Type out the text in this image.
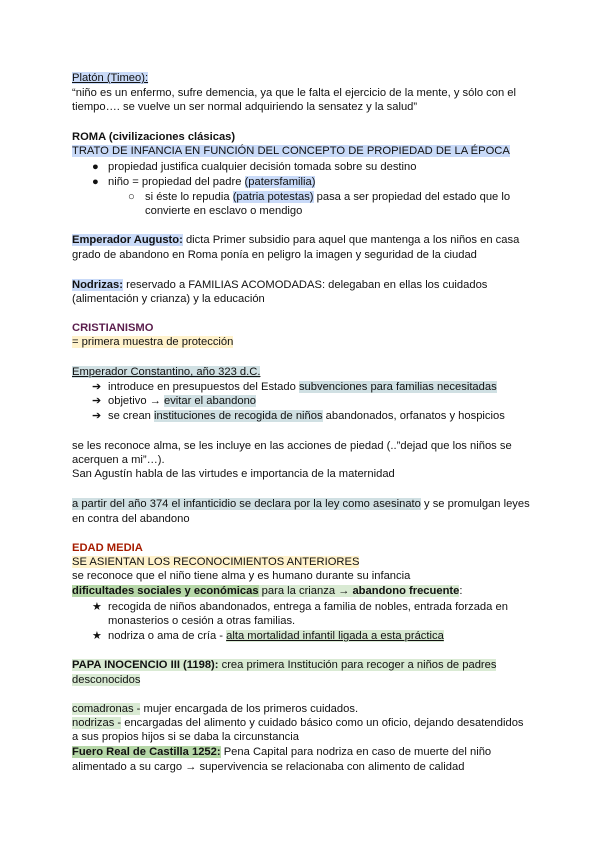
Platón (Timeo):
“niño es un enfermo, sufre demencia, ya que le falta el ejercicio de la mente, y sólo con el
tiempo…. se vuelve un ser normal adquiriendo la sensatez y la salud”
ROMA (civilizaciones clásicas)
TRATO DE INFANCIA EN FUNCIÓN DEL CONCEPTO DE PROPIEDAD DE LA ÉPOCA
● propiedad justifica cualquier decisión tomada sobre su destino
● niño = propiedad del padre (patersfamilia)
○ si éste lo repudia (patria potestas) pasa a ser propiedad del estado que lo
convierte en esclavo o mendigo
Emperador Augusto: dicta Primer subsidio para aquel que mantenga a los niños en casa
grado de abandono en Roma ponía en peligro la imagen y seguridad de la ciudad
Nodrizas: reservado a FAMILIAS ACOMODADAS: delegaban en ellas los cuidados
(alimentación y crianza) y la educación
CRISTIANISMO
= primera muestra de protección
Emperador Constantino, año 323 d.C.
➔ introduce en presupuestos del Estado subvenciones para familias necesitadas
➔ objetivo → evitar el abandono
➔ se crean instituciones de recogida de niños abandonados, orfanatos y hospicios
se les reconoce alma, se les incluye en las acciones de piedad (..”dejad que los niños se
acerquen a mi”…).
San Agustín habla de las virtudes e importancia de la maternidad
a partir del año 374 el infanticidio se declara por la ley como asesinato y se promulgan leyes
en contra del abandono
EDAD MEDIA
SE ASIENTAN LOS RECONOCIMIENTOS ANTERIORES
se reconoce que el niño tiene alma y es humano durante su infancia
dificultades sociales y económicas para la crianza → abandono frecuente:
★ recogida de niños abandonados, entrega a familia de nobles, entrada forzada en
monasterios o cesión a otras familias.
★ nodriza o ama de cría - alta mortalidad infantil ligada a esta práctica
PAPA INOCENCIO III (1198): crea primera Institución para recoger a niños de padres
desconocidos
comadronas - mujer encargada de los primeros cuidados.
nodrizas - encargadas del alimento y cuidado básico como un oficio, dejando desatendidos
a sus propios hijos si se daba la circunstancia
Fuero Real de Castilla 1252: Pena Capital para nodriza en caso de muerte del niño
alimentado a su cargo → supervivencia se relacionaba con alimento de calidad
